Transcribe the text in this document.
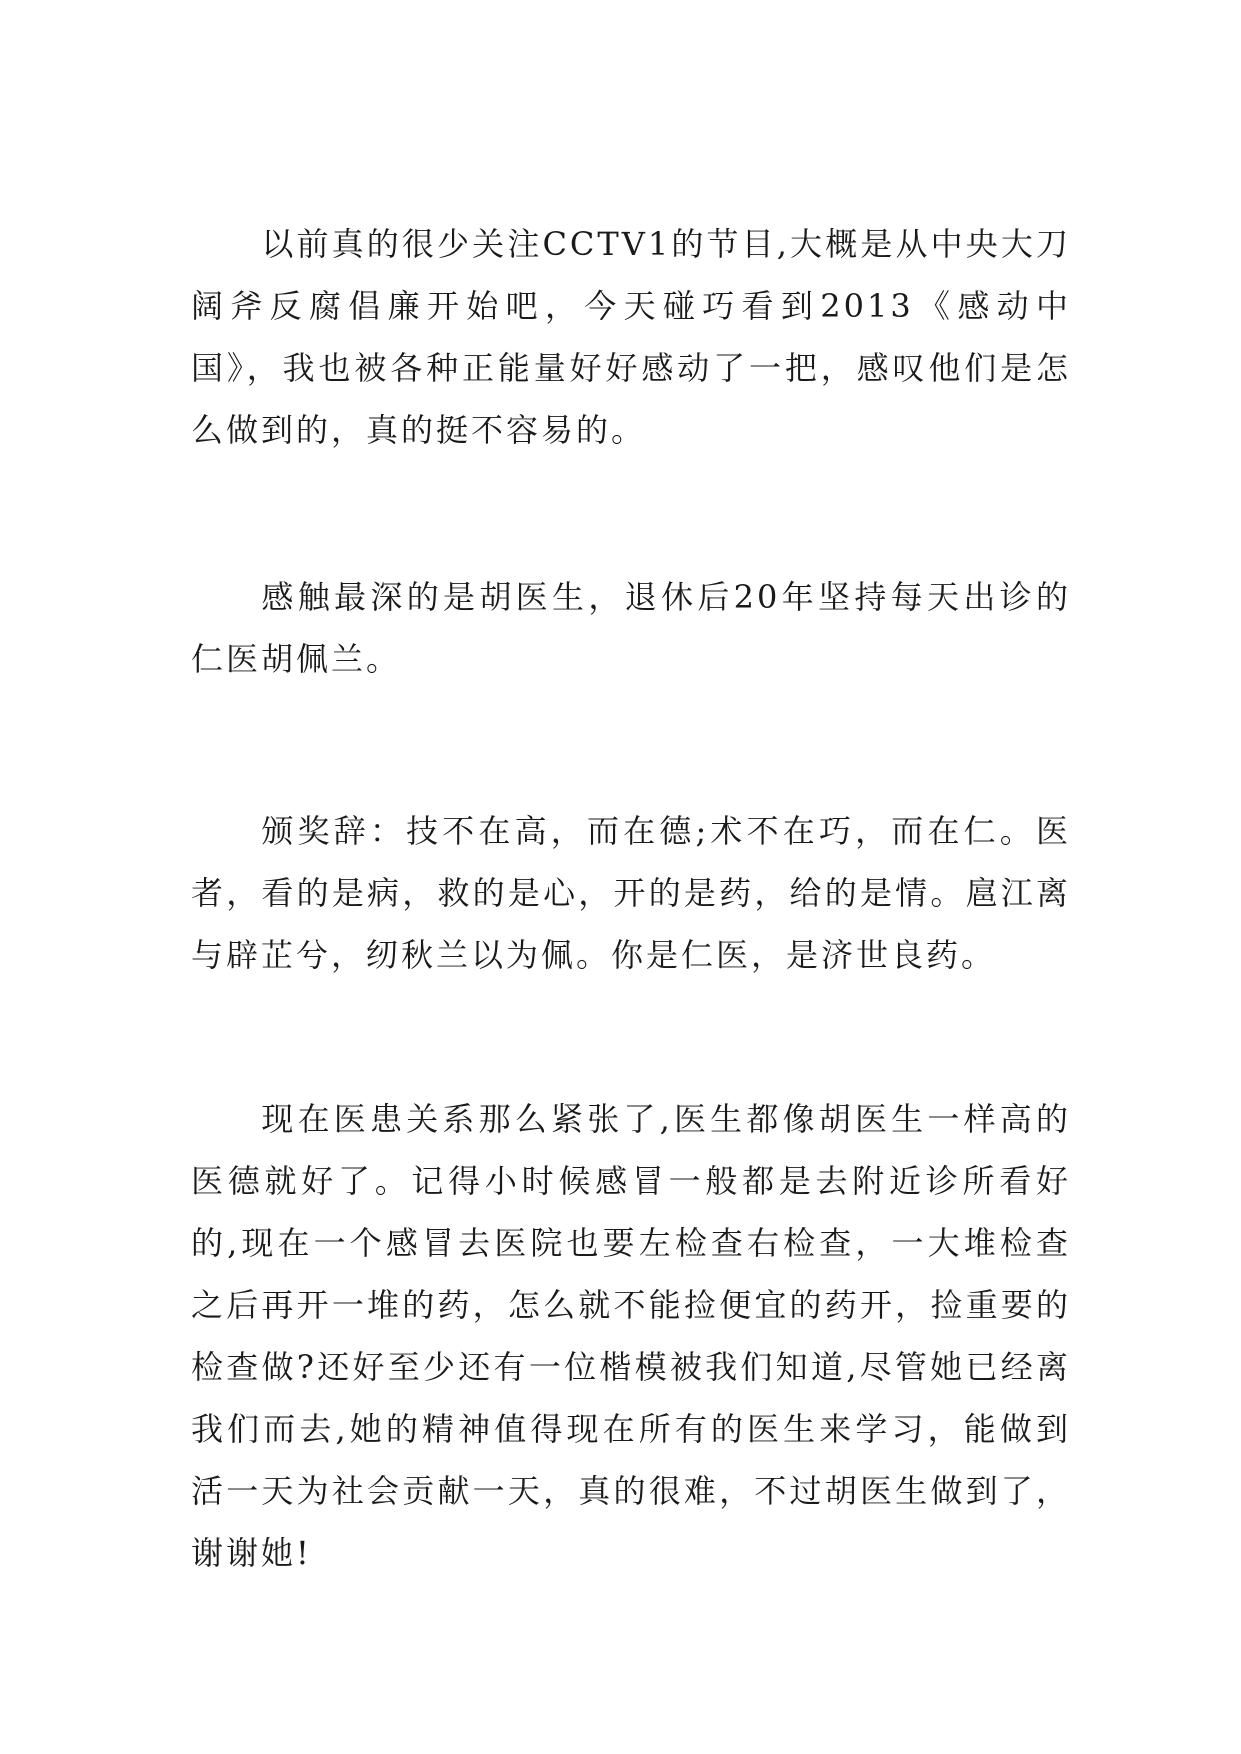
以前真的很少关注CCTV1的节目,大概是从中央大刀阔斧反腐倡廉开始吧，今天碰巧看到2013《感动中国》，我也被各种正能量好好感动了一把，感叹他们是怎么做到的，真的挺不容易的。

感触最深的是胡医生，退休后20年坚持每天出诊的仁医胡佩兰。

颁奖辞：技不在高，而在德;术不在巧，而在仁。医者，看的是病，救的是心，开的是药，给的是情。扈江离与辟芷兮，纫秋兰以为佩。你是仁医，是济世良药。

现在医患关系那么紧张了,医生都像胡医生一样高的医德就好了。记得小时候感冒一般都是去附近诊所看好的,现在一个感冒去医院也要左检查右检查，一大堆检查之后再开一堆的药，怎么就不能捡便宜的药开，捡重要的检查做?还好至少还有一位楷模被我们知道,尽管她已经离我们而去,她的精神值得现在所有的医生来学习，能做到活一天为社会贡献一天，真的很难，不过胡医生做到了，谢谢她!
